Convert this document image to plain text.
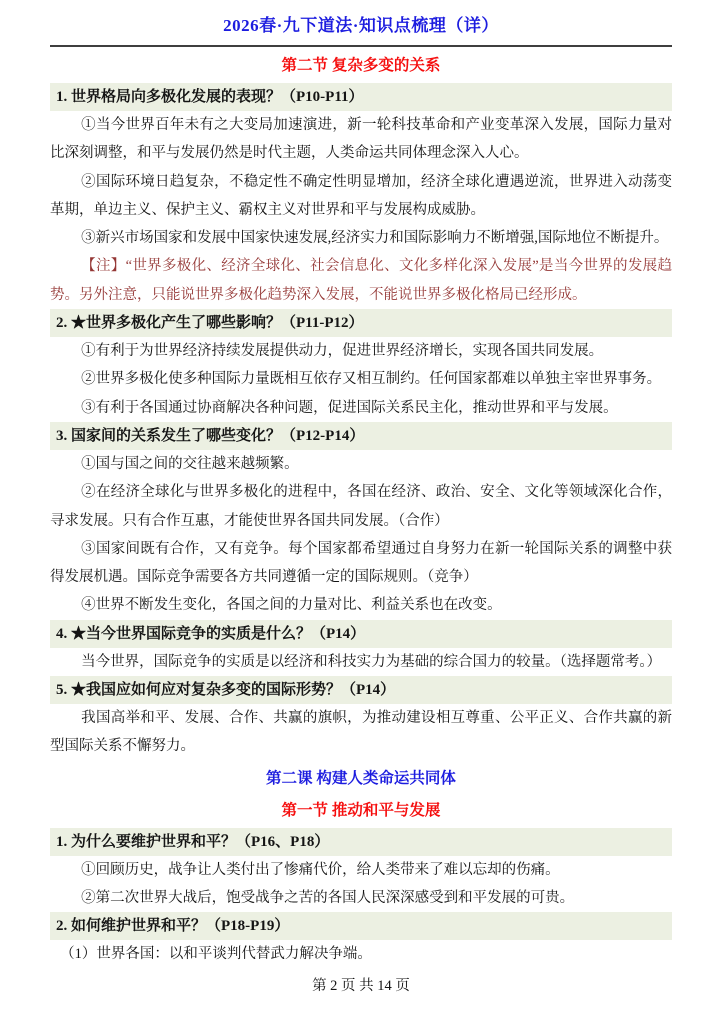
2026春·九下道法·知识点梳理（详）
第二节 复杂多变的关系
1. 世界格局向多极化发展的表现？（P10-P11）
①当今世界百年未有之大变局加速演进，新一轮科技革命和产业变革深入发展，国际力量对比深刻调整，和平与发展仍然是时代主题，人类命运共同体理念深入人心。
②国际环境日趋复杂，不稳定性不确定性明显增加，经济全球化遭遇逆流，世界进入动荡变革期，单边主义、保护主义、霸权主义对世界和平与发展构成威胁。
③新兴市场国家和发展中国家快速发展,经济实力和国际影响力不断增强,国际地位不断提升。
【注】“世界多极化、经济全球化、社会信息化、文化多样化深入发展”是当今世界的发展趋势。另外注意，只能说世界多极化趋势深入发展，不能说世界多极化格局已经形成。
2. ★世界多极化产生了哪些影响？（P11-P12）
①有利于为世界经济持续发展提供动力，促进世界经济增长，实现各国共同发展。
②世界多极化使多种国际力量既相互依存又相互制约。任何国家都难以单独主宰世界事务。
③有利于各国通过协商解决各种问题，促进国际关系民主化，推动世界和平与发展。
3. 国家间的关系发生了哪些变化？（P12-P14）
①国与国之间的交往越来越频繁。
②在经济全球化与世界多极化的进程中，各国在经济、政治、安全、文化等领域深化合作，寻求发展。只有合作互惠，才能使世界各国共同发展。（合作）
③国家间既有合作，又有竞争。每个国家都希望通过自身努力在新一轮国际关系的调整中获得发展机遇。国际竞争需要各方共同遵循一定的国际规则。（竞争）
④世界不断发生变化，各国之间的力量对比、利益关系也在改变。
4. ★当今世界国际竞争的实质是什么？（P14）
当今世界，国际竞争的实质是以经济和科技实力为基础的综合国力的较量。（选择题常考。）
5. ★我国应如何应对复杂多变的国际形势？（P14）
我国高举和平、发展、合作、共赢的旗帜，为推动建设相互尊重、公平正义、合作共赢的新型国际关系不懈努力。
第二课 构建人类命运共同体
第一节 推动和平与发展
1. 为什么要维护世界和平？（P16、P18）
①回顾历史，战争让人类付出了惨痛代价，给人类带来了难以忘却的伤痛。
②第二次世界大战后，饱受战争之苦的各国人民深深感受到和平发展的可贵。
2. 如何维护世界和平？（P18-P19）
（1）世界各国：以和平谈判代替武力解决争端。
第 2 页 共 14 页
